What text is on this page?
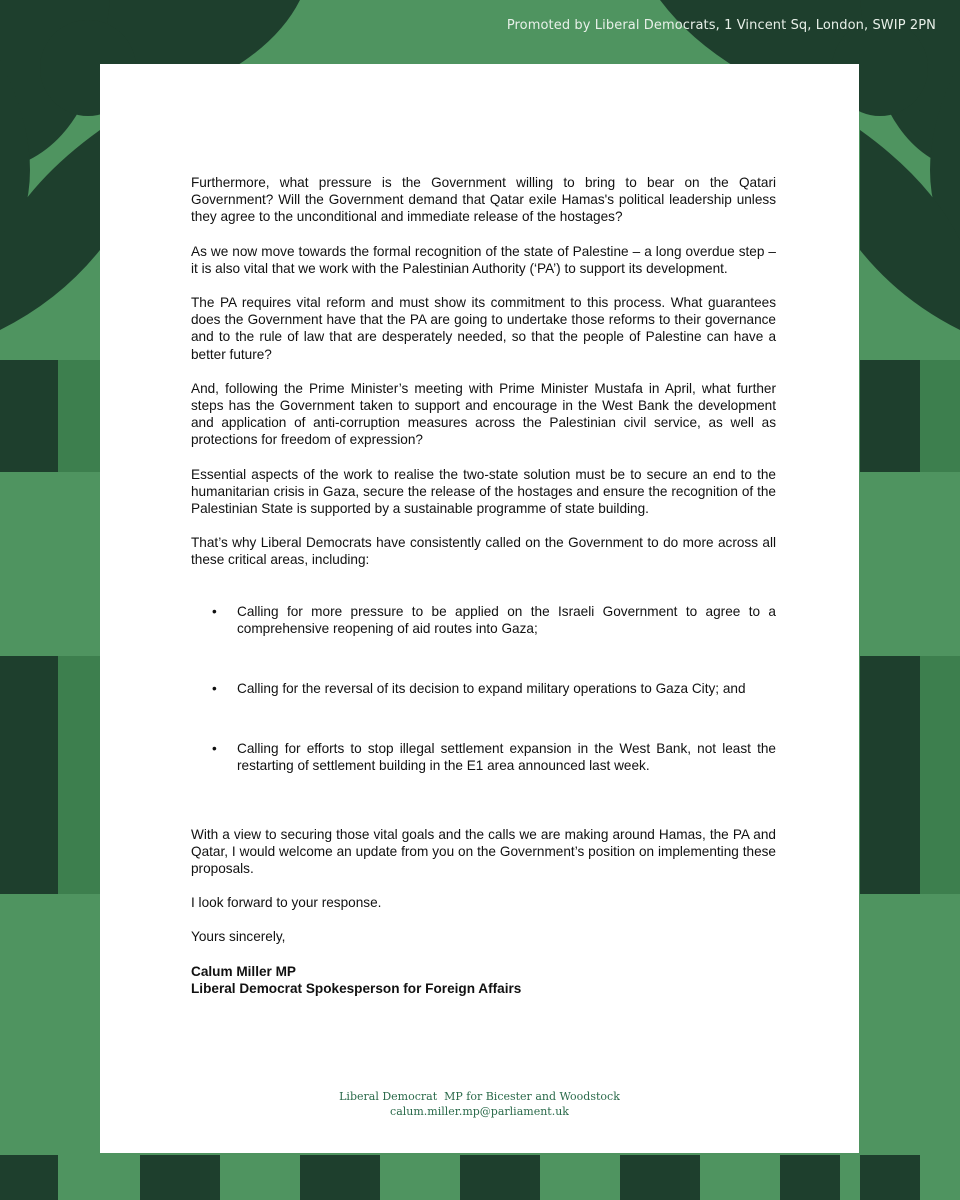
Promoted by Liberal Democrats, 1 Vincent Sq, London, SWIP 2PN

Furthermore, what pressure is the Government willing to bring to bear on the Qatari Government? Will the Government demand that Qatar exile Hamas's political leadership unless they agree to the unconditional and immediate release of the hostages?

As we now move towards the formal recognition of the state of Palestine – a long overdue step – it is also vital that we work with the Palestinian Authority (‘PA’) to support its development.

The PA requires vital reform and must show its commitment to this process. What guarantees does the Government have that the PA are going to undertake those reforms to their governance and to the rule of law that are desperately needed, so that the people of Palestine can have a better future?

And, following the Prime Minister’s meeting with Prime Minister Mustafa in April, what further steps has the Government taken to support and encourage in the West Bank the development and application of anti-corruption measures across the Palestinian civil service, as well as protections for freedom of expression?

Essential aspects of the work to realise the two-state solution must be to secure an end to the humanitarian crisis in Gaza, secure the release of the hostages and ensure the recognition of the Palestinian State is supported by a sustainable programme of state building.

That’s why Liberal Democrats have consistently called on the Government to do more across all these critical areas, including:

• Calling for more pressure to be applied on the Israeli Government to agree to a comprehensive reopening of aid routes into Gaza;
• Calling for the reversal of its decision to expand military operations to Gaza City; and
• Calling for efforts to stop illegal settlement expansion in the West Bank, not least the restarting of settlement building in the E1 area announced last week.

With a view to securing those vital goals and the calls we are making around Hamas, the PA and Qatar, I would welcome an update from you on the Government’s position on implementing these proposals.

I look forward to your response.

Yours sincerely,

Calum Miller MP
Liberal Democrat Spokesperson for Foreign Affairs
Liberal Democrat  MP for Bicester and Woodstock
calum.miller.mp@parliament.uk
